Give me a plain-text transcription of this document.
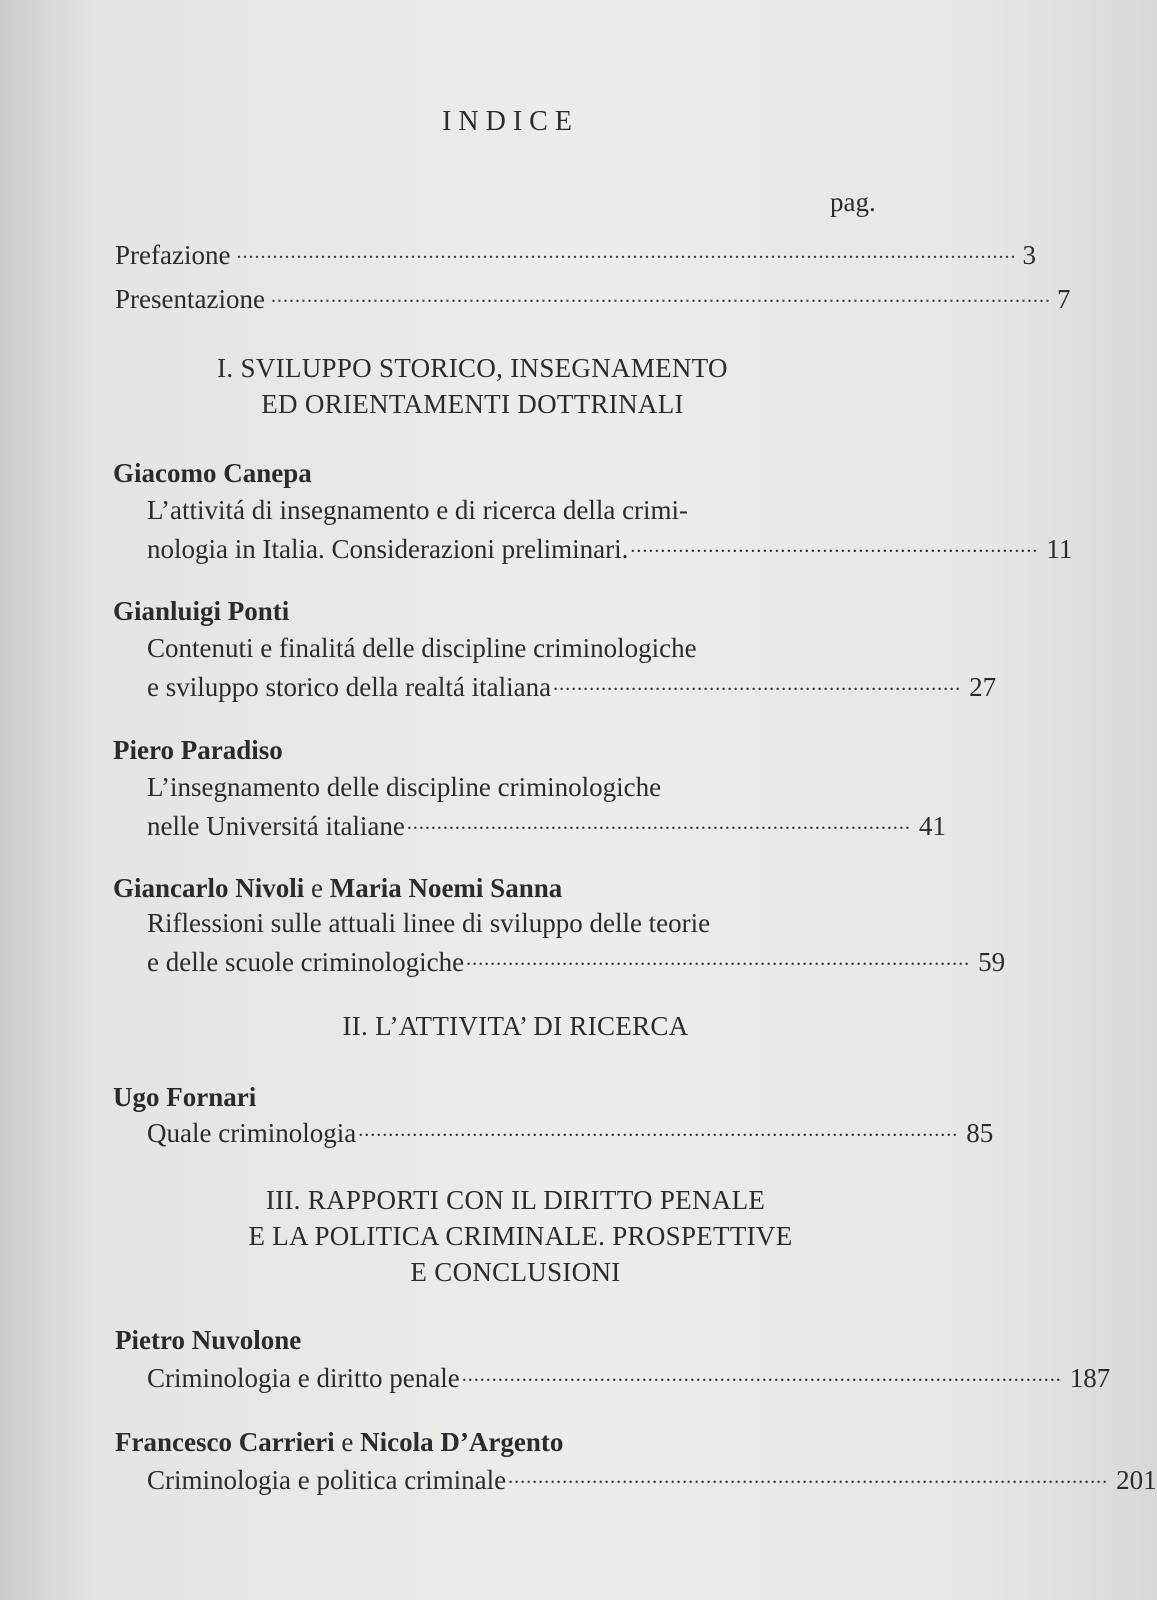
INDICE
pag.
Prefazione .................................................................................................................................. 3
Presentazione .................................................................................................................................. 7
I. SVILUPPO STORICO, INSEGNAMENTO
ED ORIENTAMENTI DOTTRINALI
Giacomo Canepa
L’attivitá di insegnamento e di ricerca della crimi-
nologia in Italia. Considerazioni preliminari. .................................................................... 11
Gianluigi Ponti
Contenuti e finalitá delle discipline criminologiche
e sviluppo storico della realtá italiana .................................................................... 27
Piero Paradiso
L’insegnamento delle discipline criminologiche
nelle Universitá italiane .................................................................................... 41
Giancarlo Nivoli e Maria Noemi Sanna
Riflessioni sulle attuali linee di sviluppo delle teorie
e delle scuole criminologiche .................................................................................... 59
II. L’ATTIVITA’ DI RICERCA
Ugo Fornari
Quale criminologia .................................................................................................... 85
III. RAPPORTI CON IL DIRITTO PENALE
E LA POLITICA CRIMINALE. PROSPETTIVE
E CONCLUSIONI
Pietro Nuvolone
Criminologia e diritto penale .................................................................................................... 187
Francesco Carrieri e Nicola D’Argento
Criminologia e politica criminale .................................................................................................... 201
